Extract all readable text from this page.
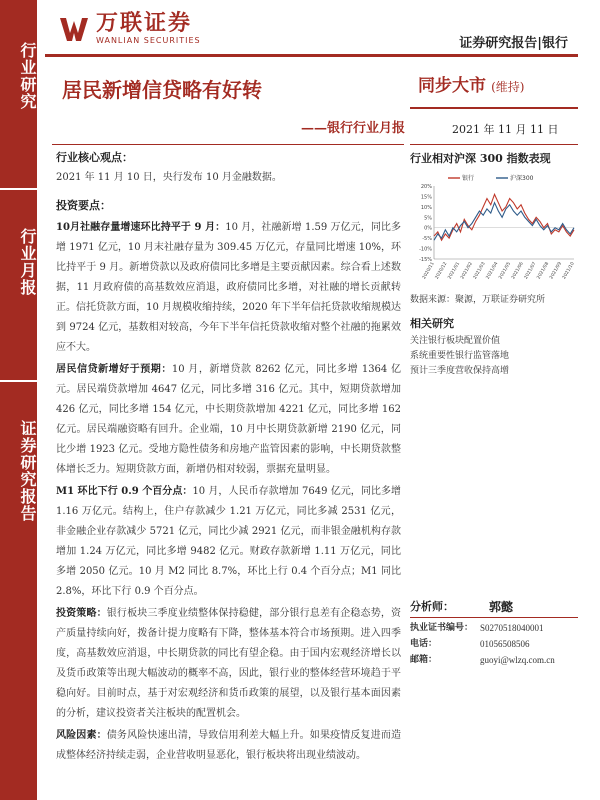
行业研究
行业月报
证券研究报告
万联证券
WANLIAN SECURITIES	证券研究报告|银行
居民新增信贷略有好转
——银行行业月报
同步大市 (维持)
2021 年 11 月 11 日
行业核心观点：

2021 年 11 月 10 日，央行发布 10 月金融数据。

投资要点：

10月社融存量增速环比持平于 9 月：10 月，社融新增 1.59 万亿元，同比多增 1971 亿元，10 月末社融存量为 309.45 万亿元，存量同比增速 10%，环比持平于 9 月。新增贷款以及政府债同比多增是主要贡献因素。综合看上述数据，11 月政府债的高基数效应消退，政府债同比多增，对社融的增长贡献转正。信托贷款方面，10 月规模收缩持续，2020 年下半年信托贷款收缩规模达到 9724 亿元，基数相对较高，今年下半年信托贷款收缩对整个社融的拖累效应不大。

居民信贷新增好于预期：10 月，新增贷款 8262 亿元，同比多增 1364 亿元。居民端贷款增加 4647 亿元，同比多增 316 亿元。其中，短期贷款增加 426 亿元，同比多增 154 亿元，中长期贷款增加 4221 亿元，同比多增 162 亿元。居民端融资略有回升。企业端，10 月中长期贷款新增 2190 亿元，同比少增 1923 亿元。受地方隐性债务和房地产监管因素的影响，中长期贷款整体增长乏力。短期贷款方面，新增仍相对较弱，票据充量明显。

M1 环比下行 0.9 个百分点：10 月，人民币存款增加 7649 亿元，同比多增 1.16 万亿元。结构上，住户存款减少 1.21 万亿元，同比多减 2531 亿元，非金融企业存款减少 5721 亿元，同比少减 2921 亿元，而非银金融机构存款增加 1.24 万亿元，同比多增 9482 亿元。财政存款新增 1.11 万亿元，同比多增 2050 亿元。10 月 M2 同比 8.7%，环比上行 0.4 个百分点；M1 同比 2.8%，环比下行 0.9 个百分点。

投资策略：银行板块三季度业绩整体保持稳健，部分银行息差有企稳态势，资产质量持续向好，拨备计提力度略有下降，整体基本符合市场预期。进入四季度，高基数效应消退，中长期贷款的同比有望企稳。由于国内宏观经济增长以及货币政策等出现大幅波动的概率不高，因此，银行业的整体经营环境趋于平稳向好。目前时点，基于对宏观经济和货币政策的展望，以及银行基本面因素的分析，建议投资者关注板块的配置机会。

风险因素：债务风险快速出清，导致信用利差大幅上升。如果疫情反复进而造成整体经济持续走弱，企业营收明显恶化，银行板块将出现业绩波动。

行业相对沪深 300 指数表现
20%
15%
10%
5%
0%
-5%
-10%
-15%
2020/11 2020/12 2021/01 2021/02 2021/03 2021/04 2021/05 2021/06 2021/07 2021/08 2021/09 2021/10
银行	沪深300
数据来源：聚源，万联证券研究所
相关研究
关注银行板块配置价值
系统重要性银行监管落地
预计三季度营收保持高增
分析师：	郭懿
执业证书编号： S0270518040001
电话：	01056508506
邮箱：	guoyi@wlzq.com.cn
